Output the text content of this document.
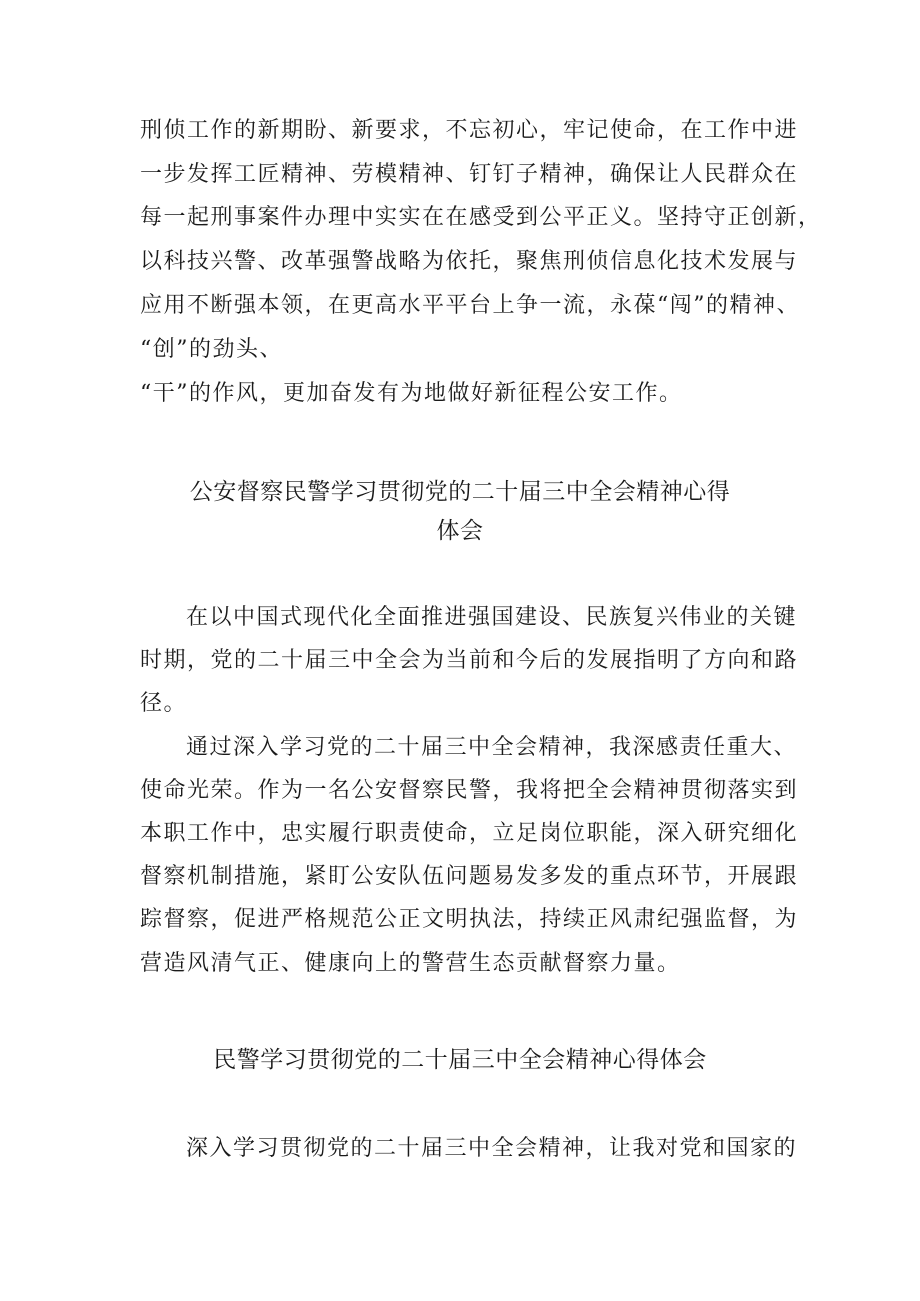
刑侦工作的新期盼、新要求，不忘初心，牢记使命，在工作中进
一步发挥工匠精神、劳模精神、钉钉子精神，确保让人民群众在
每一起刑事案件办理中实实在在感受到公平正义。坚持守正创新，
以科技兴警、改革强警战略为依托，聚焦刑侦信息化技术发展与
应用不断强本领，在更高水平平台上争一流，永葆“闯”的精神、
“创”的劲头、
“干”的作风，更加奋发有为地做好新征程公安工作。
公安督察民警学习贯彻党的二十届三中全会精神心得
体会
在以中国式现代化全面推进强国建设、民族复兴伟业的关键
时期，党的二十届三中全会为当前和今后的发展指明了方向和路
径。
通过深入学习党的二十届三中全会精神，我深感责任重大、
使命光荣。作为一名公安督察民警，我将把全会精神贯彻落实到
本职工作中，忠实履行职责使命，立足岗位职能，深入研究细化
督察机制措施，紧盯公安队伍问题易发多发的重点环节，开展跟
踪督察，促进严格规范公正文明执法，持续正风肃纪强监督，为
营造风清气正、健康向上的警营生态贡献督察力量。
民警学习贯彻党的二十届三中全会精神心得体会
深入学习贯彻党的二十届三中全会精神，让我对党和国家的
